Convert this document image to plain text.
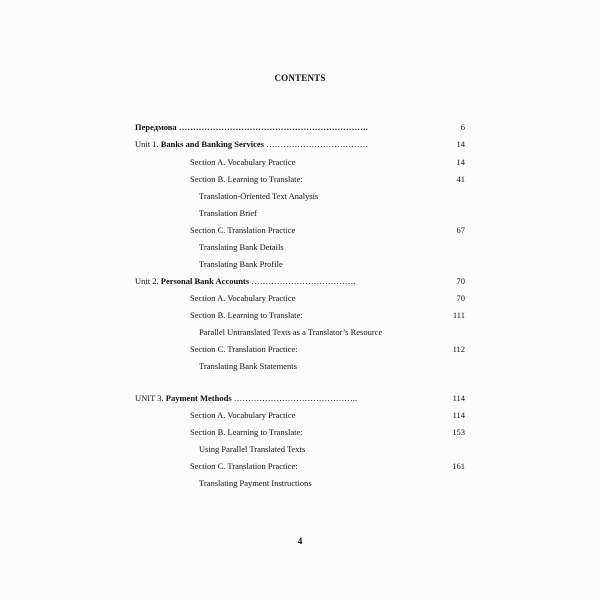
CONTENTS
Передмова ………………………………………………………….	6
Unit 1. Banks and Banking Services ………………………………	14
Section A. Vocabulary Practice	14
Section B. Learning to Translate:	41
Translation-Oriented Text Analysis
Translation Brief
Section C. Translation Practice	67
Translating Bank Details
Translating Bank Profile
Unit 2. Personal Bank Accounts ……………………………….	70
Section A. Vocabulary Practice	70
Section B. Learning to Translate:	111
Parallel Untranslated Texts as a Translator’s Resource
Section C. Translation Practice:	112
Translating Bank Statements
UNIT 3. Payment Methods ……………………………………..	114
Section A. Vocabulary Practice	114
Section B. Learning to Translate:	153
Using Parallel Translated Texts
Section C. Translation Practice:	161
Translating Payment Instructions
4
